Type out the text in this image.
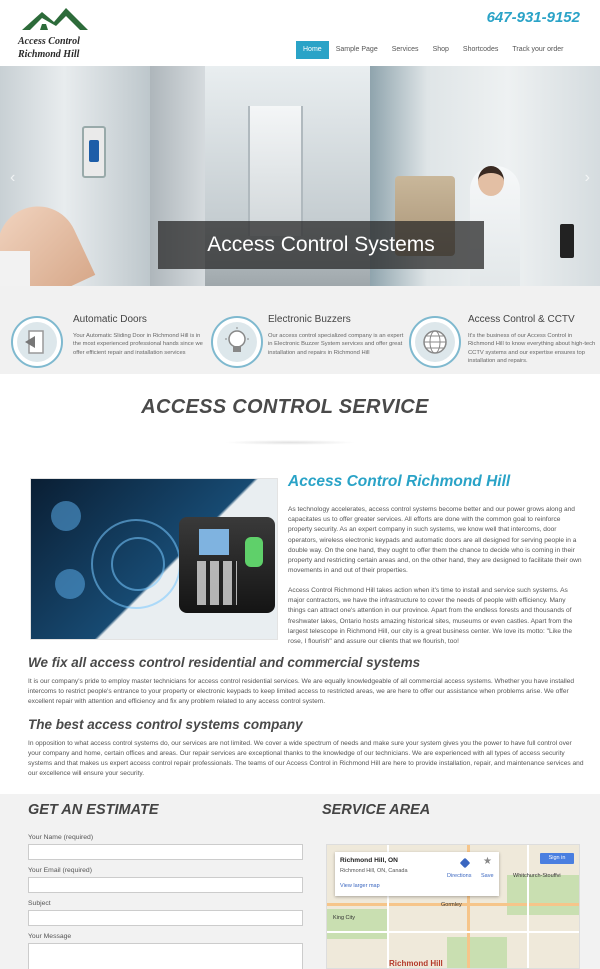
Access Control
Richmond Hill
647-931-9152
Home	Sample Page	Services	Shop	Shortcodes	Track your order
‹	›
Access Control Systems
Automatic Doors
Your Automatic Sliding Door in Richmond Hill is in the most experienced professional hands since we offer efficient repair and installation services
Electronic Buzzers
Our access control specialized company is an expert in Electronic Buzzer System services and offer great installation and repairs in Richmond Hill
Access Control & CCTV
It's the business of our Access Control in Richmond Hill to know everything about high-tech CCTV systems and our expertise ensures top installation and repairs.
ACCESS CONTROL SERVICE
Access Control Richmond Hill
As technology accelerates, access control systems become better and our power grows along and capacitates us to offer greater services. All efforts are done with the common goal to reinforce property security. As an expert company in such systems, we know well that intercoms, door operators, wireless electronic keypads and automatic doors are all designed for serving people in a double way. On the one hand, they ought to offer them the chance to decide who is coming in their property and restricting certain areas and, on the other hand, they are designed to facilitate their own movements in and out of their properties.
Access Control Richmond Hill takes action when it's time to install and service such systems. As major contractors, we have the infrastructure to cover the needs of people with efficiency. Many things can attract one's attention in our province. Apart from the endless forests and thousands of freshwater lakes, Ontario hosts amazing historical sites, museums or even castles. Apart from the largest telescope in Richmond Hill, our city is a great business center. We love its motto: "Like the rose, I flourish" and assure our clients that we flourish, too!
We fix all access control residential and commercial systems
It is our company's pride to employ master technicians for access control residential services. We are equally knowledgeable of all commercial access systems. Whether you have installed intercoms to restrict people's entrance to your property or electronic keypads to keep limited access to restricted areas, we are here to offer our assistance when problems arise. We offer excellent repair with attention and efficiency and fix any problem related to any access control system.
The best access control systems company
In opposition to what access control systems do, our services are not limited. We cover a wide spectrum of needs and make sure your system gives you the power to have full control over your company and home, certain offices and areas. Our repair services are exceptional thanks to the knowledge of our technicians. We are experienced with all types of access security systems and that makes us expert access control repair professionals. The teams of our Access Control in Richmond Hill are here to provide installation, repair, and maintenance services and our excellence will ensure your security.
GET AN ESTIMATE	SERVICE AREA
Your Name (required)
Your Email (required)
Subject
Your Message
Richmond Hill, ON
Richmond Hill, ON, Canada
View larger map
Directions
★
Save
Sign in
Whitchurch-Stouffvi
King City
Gormley
Richmond Hill
